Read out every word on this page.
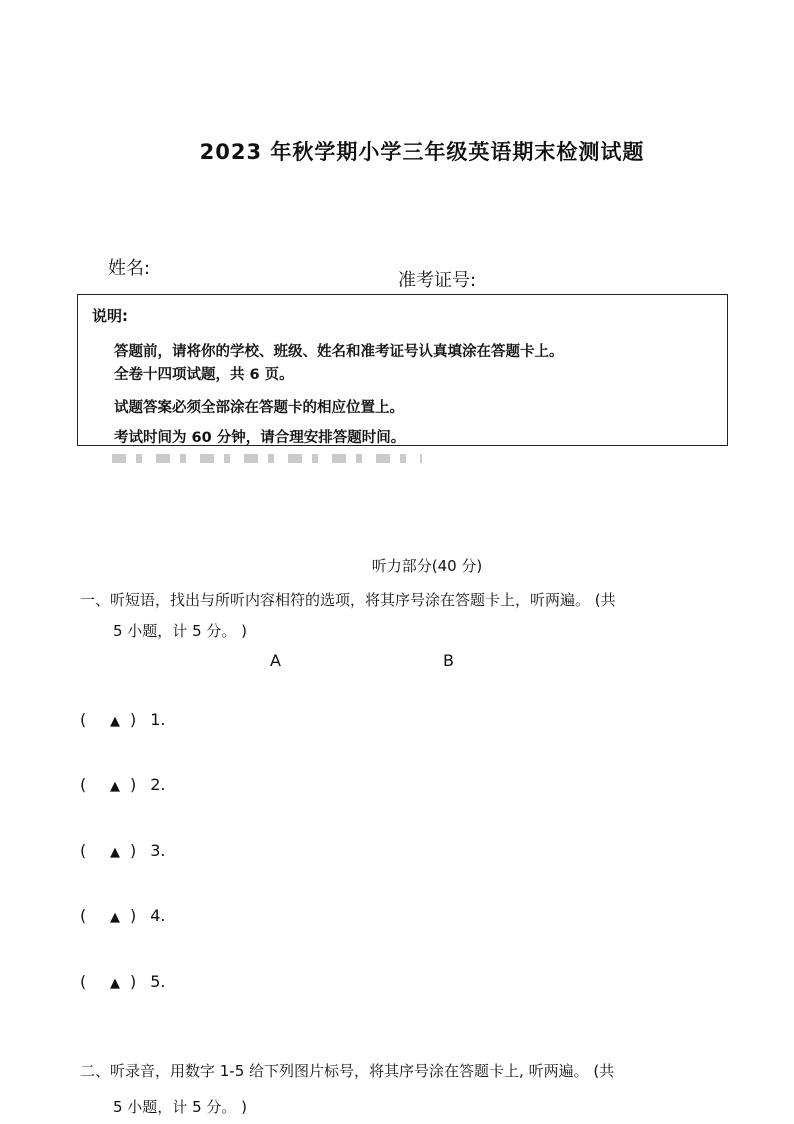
2023 年秋学期小学三年级英语期末检测试题
姓名:
准考证号:
说明:
答题前，请将你的学校、班级、姓名和准考证号认真填涂在答题卡上。
全卷十四项试题，共 6 页。
试题答案必须全部涂在答题卡的相应位置上。
考试时间为 60 分钟，请合理安排答题时间。
听力部分(40 分)
一、听短语，找出与所听内容相符的选项，将其序号涂在答题卡上，听两遍。 (共
5 小题，计 5 分。 )
A	B
( ▲ ) 1.
( ▲ ) 2.
( ▲ ) 3.
( ▲ ) 4.
( ▲ ) 5.
二、听录音，用数字 1-5 给下列图片标号，将其序号涂在答题卡上, 听两遍。 (共
5 小题，计 5 分。 )
